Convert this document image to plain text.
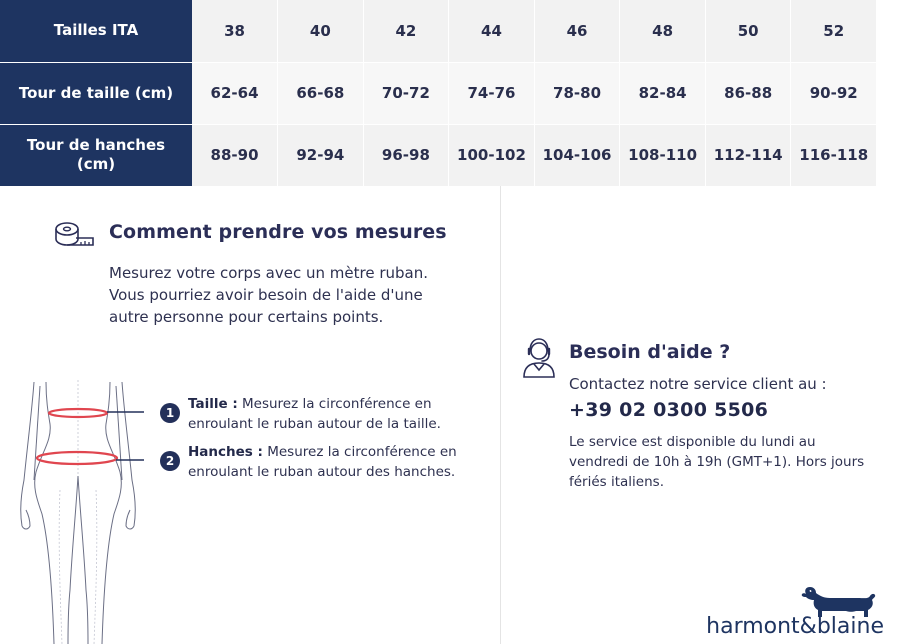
Tailles ITA	38	40	42	44	46	48	50	52
Tour de taille (cm)	62-64	66-68	70-72	74-76	78-80	82-84	86-88	90-92
Tour de hanches (cm)	88-90	92-94	96-98	100-102	104-106	108-110	112-114	116-118
Comment prendre vos mesures
Mesurez votre corps avec un mètre ruban. Vous pourriez avoir besoin de l'aide d'une autre personne pour certains points.
1
Taille : Mesurez la circonférence en enroulant le ruban autour de la taille.
2
Hanches : Mesurez la circonférence en enroulant le ruban autour des hanches.
Besoin d'aide ?
Contactez notre service client au :
+39 02 0300 5506
Le service est disponible du lundi au vendredi de 10h à 19h (GMT+1). Hors jours fériés italiens.
harmont&blaine
